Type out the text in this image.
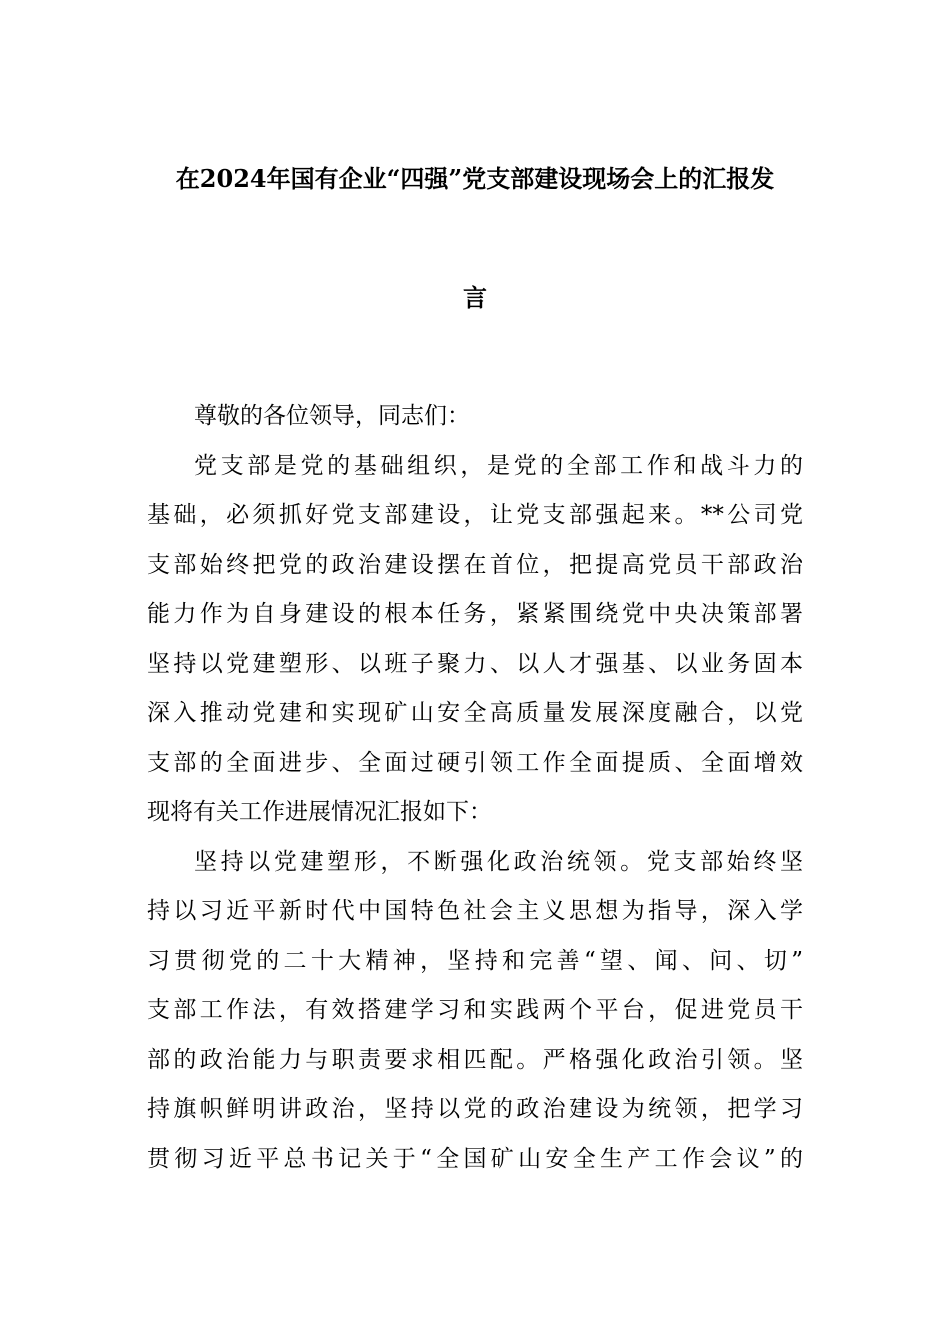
在2024年国有企业“四强”党支部建设现场会上的汇报发
言
尊敬的各位领导，同志们：
党支部是党的基础组织，是党的全部工作和战斗力的
基础，必须抓好党支部建设，让党支部强起来。**公司党
支部始终把党的政治建设摆在首位，把提高党员干部政治
能力作为自身建设的根本任务，紧紧围绕党中央决策部署
坚持以党建塑形、以班子聚力、以人才强基、以业务固本
深入推动党建和实现矿山安全高质量发展深度融合，以党
支部的全面进步、全面过硬引领工作全面提质、全面增效
现将有关工作进展情况汇报如下：
坚持以党建塑形，不断强化政治统领。党支部始终坚
持以习近平新时代中国特色社会主义思想为指导，深入学
习贯彻党的二十大精神，坚持和完善“望、闻、问、切”
支部工作法，有效搭建学习和实践两个平台，促进党员干
部的政治能力与职责要求相匹配。严格强化政治引领。坚
持旗帜鲜明讲政治，坚持以党的政治建设为统领，把学习
贯彻习近平总书记关于“全国矿山安全生产工作会议”的
